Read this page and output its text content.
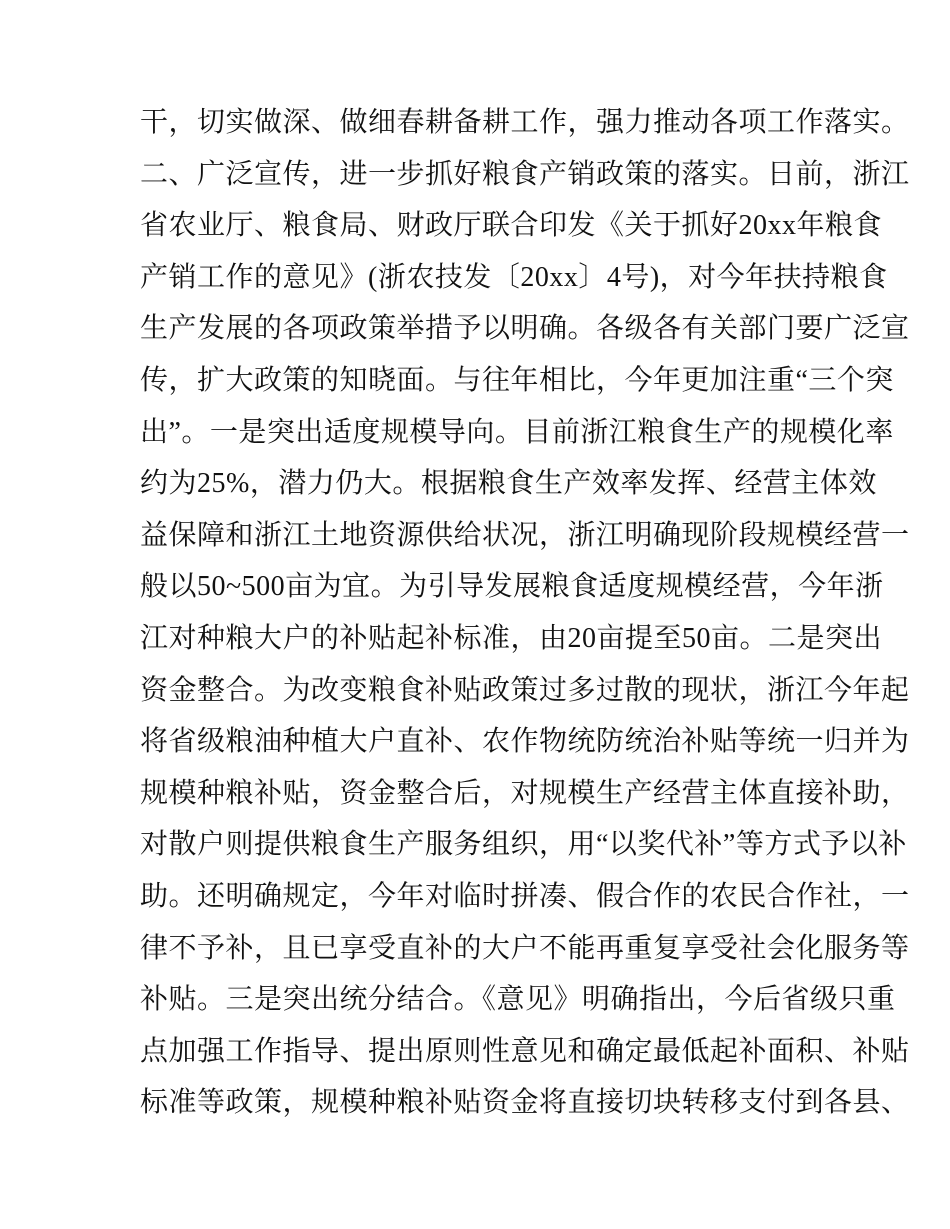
干，切实做深、做细春耕备耕工作，强力推动各项工作落实。
二、广泛宣传，进一步抓好粮食产销政策的落实。日前，浙江
省农业厅、粮食局、财政厅联合印发《关于抓好20xx年粮食
产销工作的意见》(浙农技发〔20xx〕4号)，对今年扶持粮食
生产发展的各项政策举措予以明确。各级各有关部门要广泛宣
传，扩大政策的知晓面。与往年相比，今年更加注重“三个突
出”。一是突出适度规模导向。目前浙江粮食生产的规模化率
约为25%，潜力仍大。根据粮食生产效率发挥、经营主体效
益保障和浙江土地资源供给状况，浙江明确现阶段规模经营一
般以50~500亩为宜。为引导发展粮食适度规模经营，今年浙
江对种粮大户的补贴起补标准，由20亩提至50亩。二是突出
资金整合。为改变粮食补贴政策过多过散的现状，浙江今年起
将省级粮油种植大户直补、农作物统防统治补贴等统一归并为
规模种粮补贴，资金整合后，对规模生产经营主体直接补助，
对散户则提供粮食生产服务组织，用“以奖代补”等方式予以补
助。还明确规定，今年对临时拼凑、假合作的农民合作社，一
律不予补，且已享受直补的大户不能再重复享受社会化服务等
补贴。三是突出统分结合。《意见》明确指出，今后省级只重
点加强工作指导、提出原则性意见和确定最低起补面积、补贴
标准等政策，规模种粮补贴资金将直接切块转移支付到各县、
